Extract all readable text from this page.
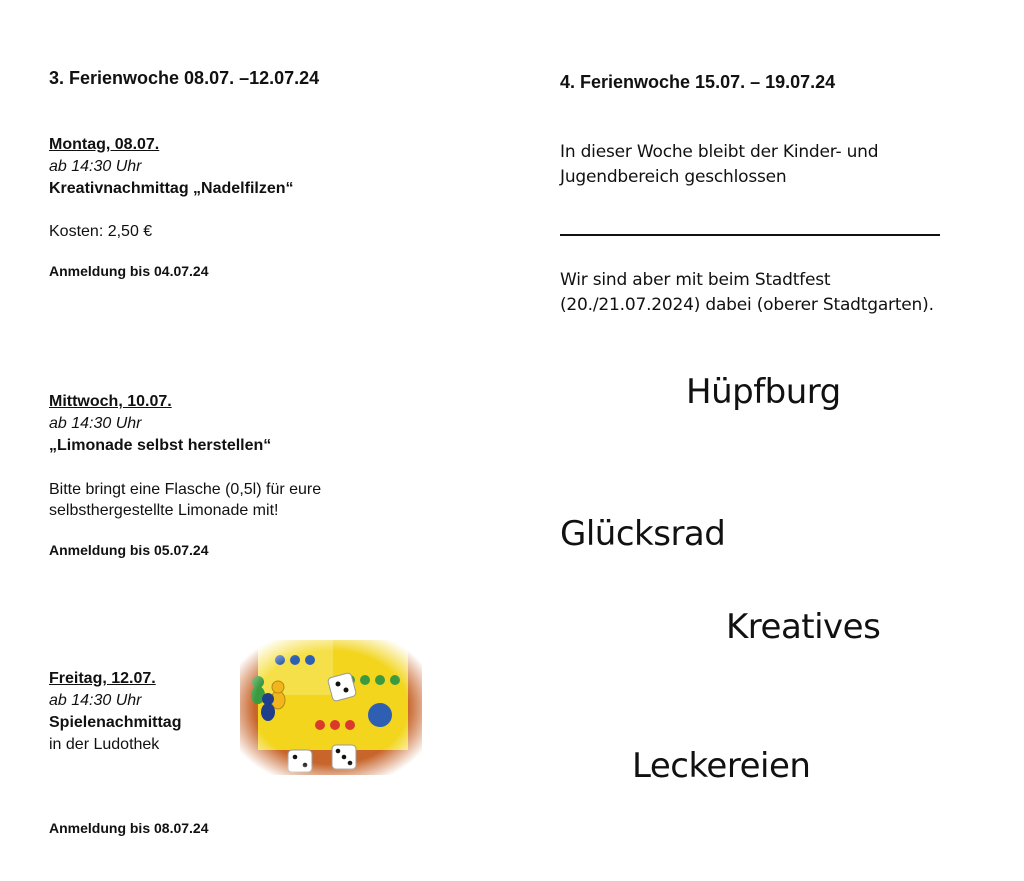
3. Ferienwoche 08.07. –12.07.24
Montag, 08.07.
ab 14:30 Uhr
Kreativnachmittag „Nadelfilzen“
Kosten: 2,50 €
Anmeldung bis 04.07.24
Mittwoch, 10.07.
ab 14:30 Uhr
„Limonade selbst herstellen“
Bitte bringt eine Flasche (0,5l) für eure
selbsthergestellte Limonade mit!
Anmeldung bis 05.07.24
Freitag, 12.07.
ab 14:30 Uhr
Spielenachmittag
in der Ludothek
Anmeldung bis 08.07.24
4. Ferienwoche 15.07. – 19.07.24
In dieser Woche bleibt der Kinder- und
Jugendbereich geschlossen
Wir sind aber mit beim Stadtfest
(20./21.07.2024) dabei (oberer Stadtgarten).
Hüpfburg
Glücksrad
Kreatives
Leckereien
